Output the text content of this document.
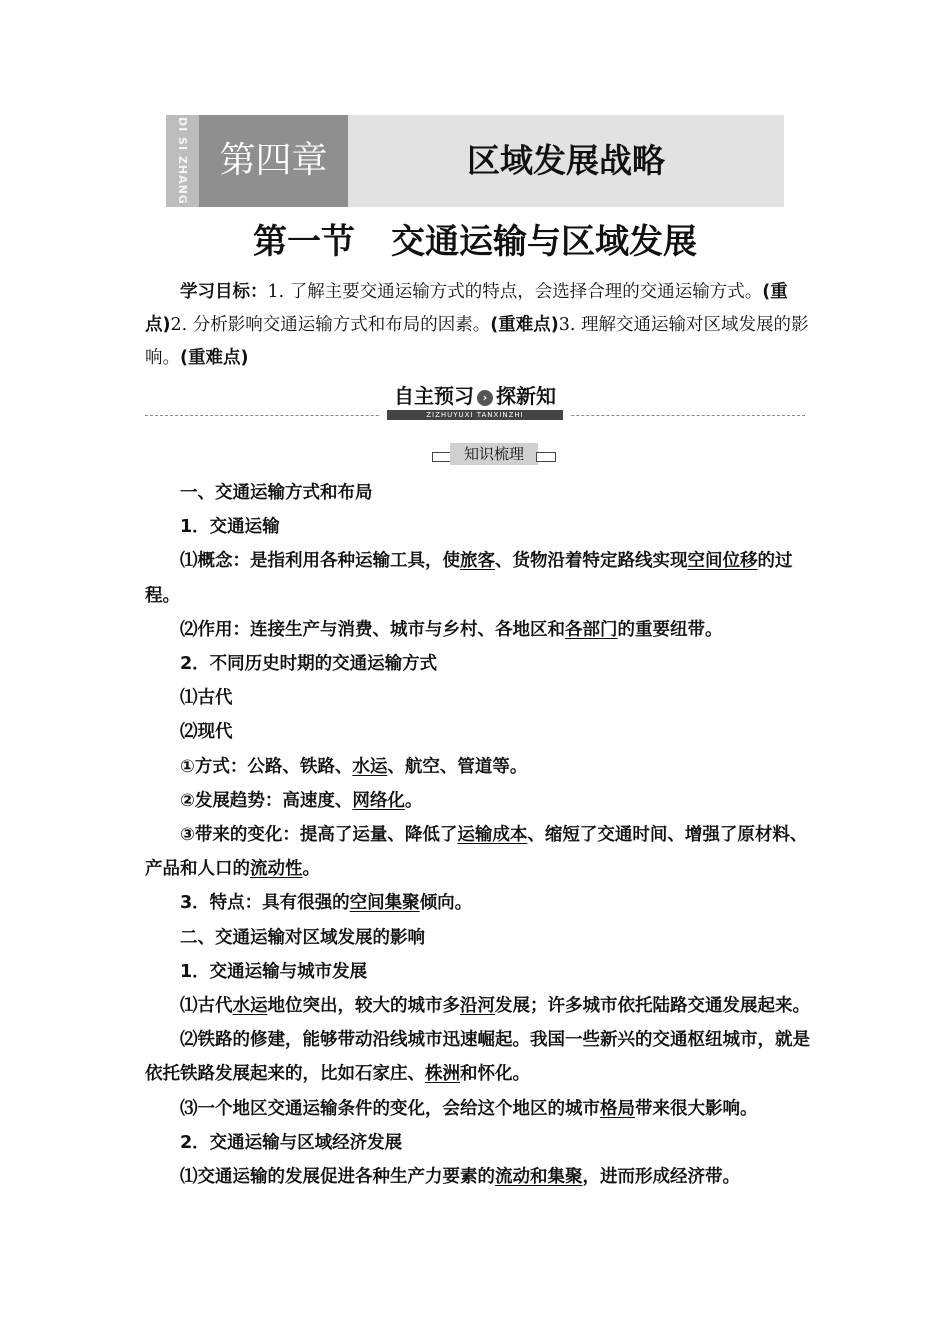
DI SI ZHANG 第四章	区域发展战略
第一节 交通运输与区域发展

学习目标：1. 了解主要交通运输方式的特点，会选择合理的交通运输方式。(重点)2. 分析影响交通运输方式和布局的因素。(重难点)3. 理解交通运输对区域发展的影响。(重难点)

自主预习 › 探新知
ZIZHUYUXI TANXINZHI
知识梳理

一、交通运输方式和布局

1．交通运输

⑴概念：是指利用各种运输工具，使旅客、货物沿着特定路线实现空间位移的过程。

⑵作用：连接生产与消费、城市与乡村、各地区和各部门的重要纽带。

2．不同历史时期的交通运输方式

⑴古代

⑵现代

①方式：公路、铁路、水运、航空、管道等。

②发展趋势：高速度、网络化。

③带来的变化：提高了运量、降低了运输成本、缩短了交通时间、增强了原材料、产品和人口的流动性。

3．特点：具有很强的空间集聚倾向。

二、交通运输对区域发展的影响

1．交通运输与城市发展

⑴古代水运地位突出，较大的城市多沿河发展；许多城市依托陆路交通发展起来。

⑵铁路的修建，能够带动沿线城市迅速崛起。我国一些新兴的交通枢纽城市，就是依托铁路发展起来的，比如石家庄、株洲和怀化。

⑶一个地区交通运输条件的变化，会给这个地区的城市格局带来很大影响。

2．交通运输与区域经济发展

⑴交通运输的发展促进各种生产力要素的流动和集聚，进而形成经济带。
